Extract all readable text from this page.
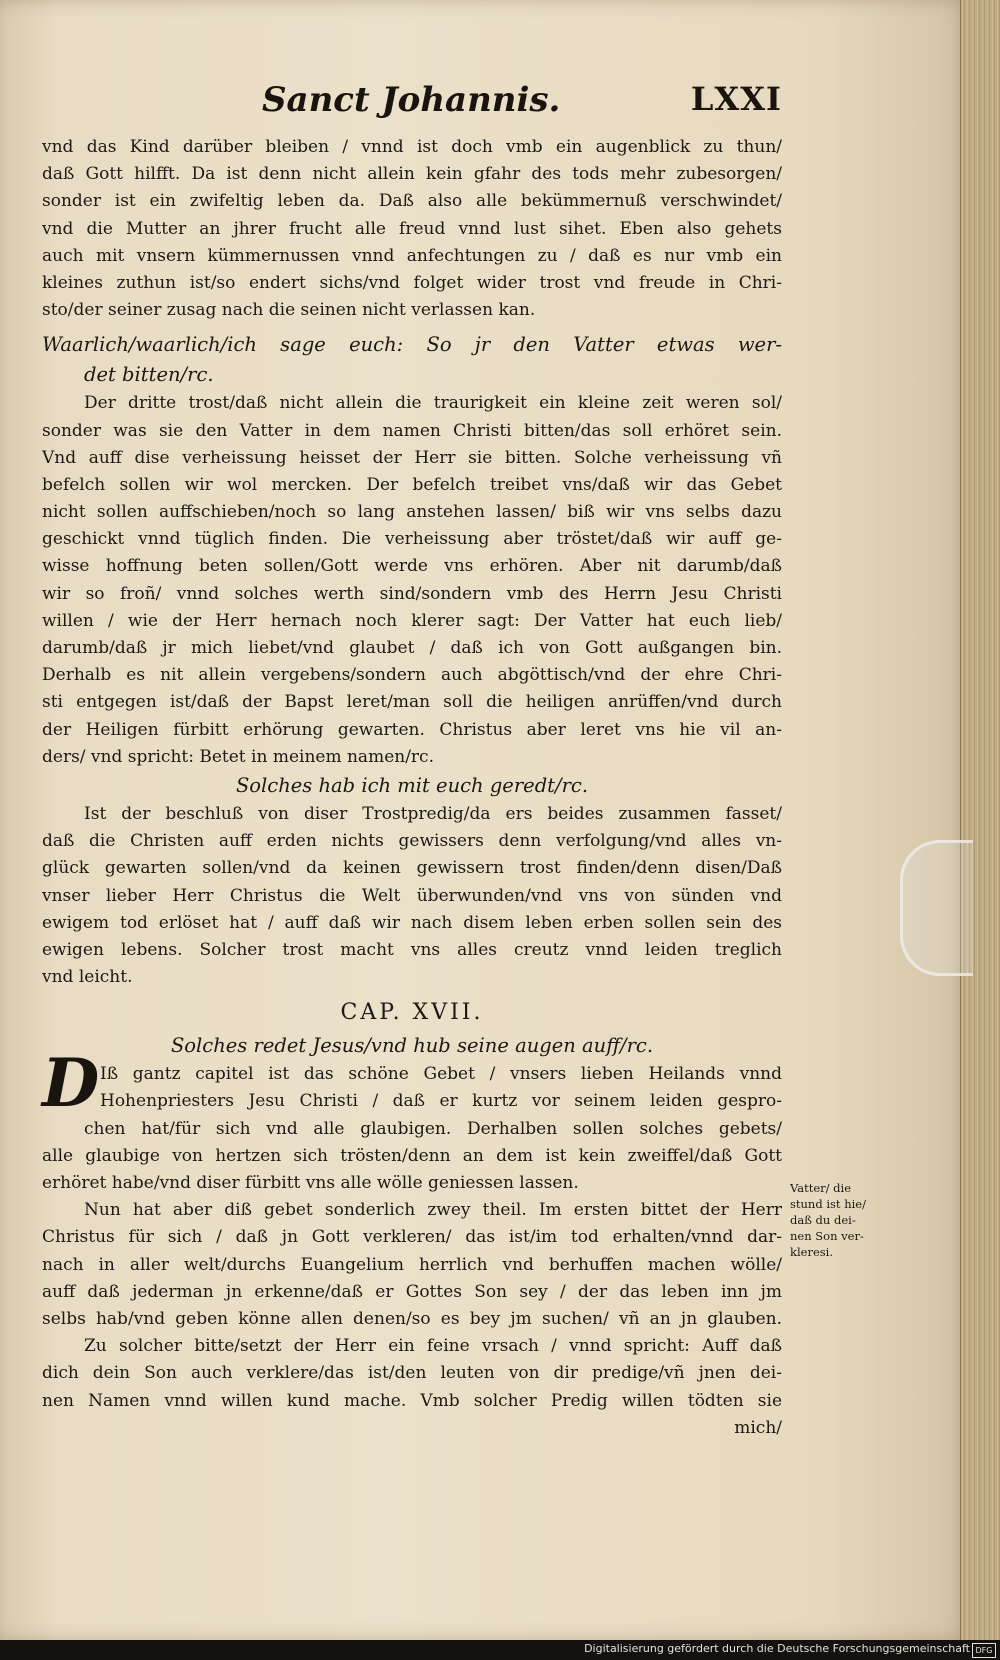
Sanct Johannis.	LXXI
vnd das Kind darüber bleiben / vnnd ist doch vmb ein augenblick zu thun/
daß Gott hilfft. Da ist denn nicht allein kein gfahr des tods mehr zubesorgen/
sonder ist ein zwifeltig leben da. Daß also alle bekümmernuß verschwindet/
vnd die Mutter an jhrer frucht alle freud vnnd lust sihet. Eben also gehets
auch mit vnsern kümmernussen vnnd anfechtungen zu / daß es nur vmb ein
kleines zuthun ist/so endert sichs/vnd folget wider trost vnd freude in Chri-
sto/der seiner zusag nach die seinen nicht verlassen kan.
Waarlich/waarlich/ich sage euch: So jr den Vatter etwas wer-
det bitten/rc.
Der dritte trost/daß nicht allein die traurigkeit ein kleine zeit weren sol/
sonder was sie den Vatter in dem namen Christi bitten/das soll erhöret sein.
Vnd auff dise verheissung heisset der Herr sie bitten. Solche verheissung vñ
befelch sollen wir wol mercken. Der befelch treibet vns/daß wir das Gebet
nicht sollen auffschieben/noch so lang anstehen lassen/ biß wir vns selbs dazu
geschickt vnnd tüglich finden. Die verheissung aber tröstet/daß wir auff ge-
wisse hoffnung beten sollen/Gott werde vns erhören. Aber nit darumb/daß
wir so froñ/ vnnd solches werth sind/sondern vmb des Herrn Jesu Christi
willen / wie der Herr hernach noch klerer sagt: Der Vatter hat euch lieb/
darumb/daß jr mich liebet/vnd glaubet / daß ich von Gott außgangen bin.
Derhalb es nit allein vergebens/sondern auch abgöttisch/vnd der ehre Chri-
sti entgegen ist/daß der Bapst leret/man soll die heiligen anrüffen/vnd durch
der Heiligen fürbitt erhörung gewarten. Christus aber leret vns hie vil an-
ders/ vnd spricht: Betet in meinem namen/rc.
Solches hab ich mit euch geredt/rc.
Ist der beschluß von diser Trostpredig/da ers beides zusammen fasset/
daß die Christen auff erden nichts gewissers denn verfolgung/vnd alles vn-
glück gewarten sollen/vnd da keinen gewissern trost finden/denn disen/Daß
vnser lieber Herr Christus die Welt überwunden/vnd vns von sünden vnd
ewigem tod erlöset hat / auff daß wir nach disem leben erben sollen sein des
ewigen lebens. Solcher trost macht vns alles creutz vnnd leiden treglich
vnd leicht.
CAP. XVII.
Solches redet Jesus/vnd hub seine augen auff/rc.
Iß gantz capitel ist das schöne Gebet / vnsers lieben Heilands vnnd
Hohenpriesters Jesu Christi / daß er kurtz vor seinem leiden gespro-
chen hat/für sich vnd alle glaubigen. Derhalben sollen solches gebets/
alle glaubige von hertzen sich trösten/denn an dem ist kein zweiffel/daß Gott
erhöret habe/vnd diser fürbitt vns alle wölle geniessen lassen.
Nun hat aber diß gebet sonderlich zwey theil. Im ersten bittet der Herr
Christus für sich / daß jn Gott verkleren/ das ist/im tod erhalten/vnnd dar-
nach in aller welt/durchs Euangelium herrlich vnd berhuffen machen wölle/
auff daß jederman jn erkenne/daß er Gottes Son sey / der das leben inn jm
selbs hab/vnd geben könne allen denen/so es bey jm suchen/ vñ an jn glauben.
Zu solcher bitte/setzt der Herr ein feine vrsach / vnnd spricht: Auff daß
dich dein Son auch verklere/das ist/den leuten von dir predige/vñ jnen dei-
nen Namen vnnd willen kund mache. Vmb solcher Predig willen tödten sie
mich/
D
Vatter/ die
stund ist hie/
daß du dei-
nen Son ver-
kleresi.
Digitalisierung gefördert durch die Deutsche Forschungsgemeinschaft DFG
